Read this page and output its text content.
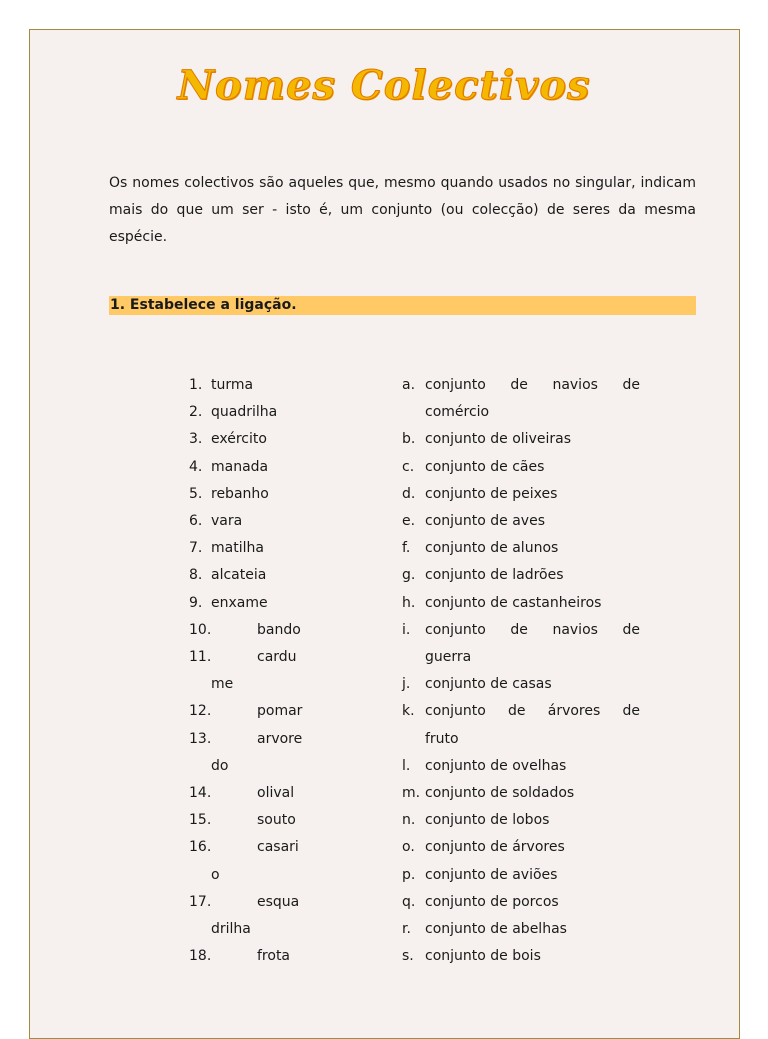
Nomes Colectivos
Os nomes colectivos são aqueles que, mesmo quando usados no singular, indicam mais do que um ser - isto é, um conjunto (ou colecção) de seres da mesma espécie.
1. Estabelece a ligação.
1. turma
2. quadrilha
3. exército
4. manada
5. rebanho
6. vara
7. matilha
8. alcateia
9. enxame
10.	bando
11.	cardu
me
12.	pomar
13.	arvore
do
14.	olival
15.	souto
16.	casari
o
17.	esqua
drilha
18.	frota
a. conjunto de navios de
comércio
b. conjunto de oliveiras
c. conjunto de cães
d. conjunto de peixes
e. conjunto de aves
f. conjunto de alunos
g. conjunto de ladrões
h. conjunto de castanheiros
i. conjunto de navios de
guerra
j. conjunto de casas
k. conjunto de árvores de
fruto
l. conjunto de ovelhas
m. conjunto de soldados
n. conjunto de lobos
o. conjunto de árvores
p. conjunto de aviões
q. conjunto de porcos
r. conjunto de abelhas
s. conjunto de bois
